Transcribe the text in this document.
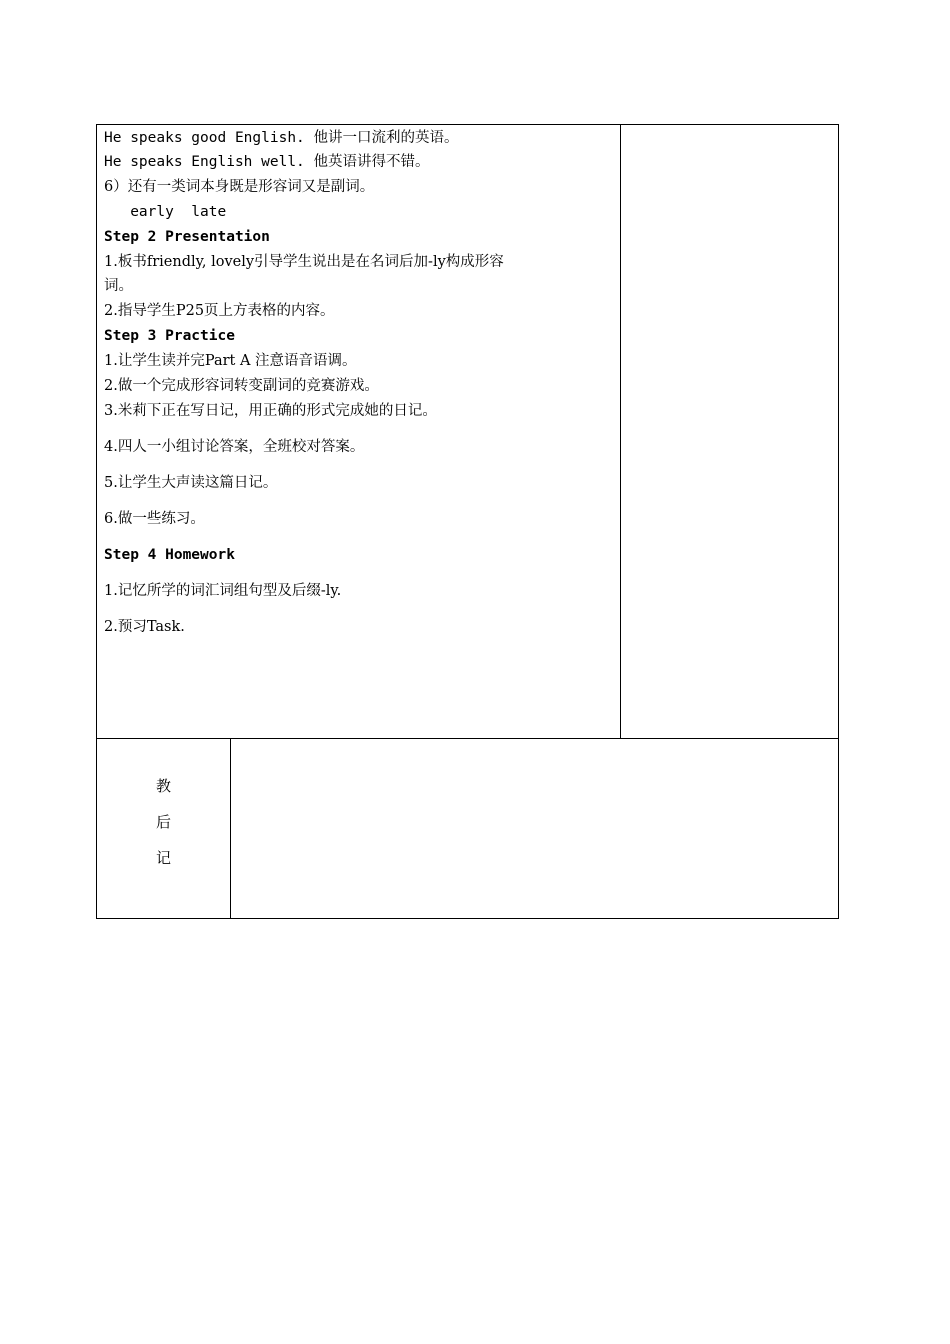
He speaks good English. 他讲一口流利的英语。
He speaks English well. 他英语讲得不错。
6）还有一类词本身既是形容词又是副词。
early  late
Step 2 Presentation
1.板书friendly, lovely引导学生说出是在名词后加-ly构成形容
词。
2.指导学生P25页上方表格的内容。
Step 3 Practice
1.让学生读并完Part A 注意语音语调。
2.做一个完成形容词转变副词的竞赛游戏。
3.米莉下正在写日记，用正确的形式完成她的日记。
4.四人一小组讨论答案，全班校对答案。
5.让学生大声读这篇日记。
6.做一些练习。
Step 4 Homework
1.记忆所学的词汇词组句型及后缀-ly.
2.预习Task.
教
后
记
